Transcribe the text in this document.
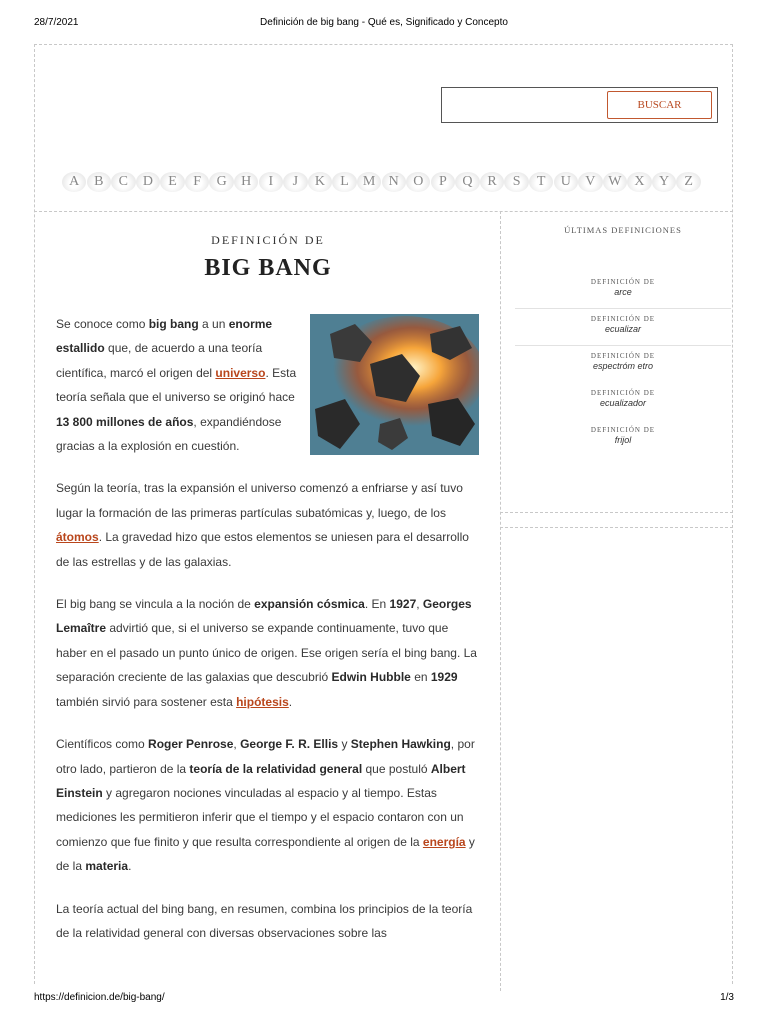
28/7/2021	Definición de big bang - Qué es, Significado y Concepto
BUSCAR
A	B	C	D	E	F	G	H	I	J	K	L	M N	O	P	Q	R	S	T	U	V W X	Y	Z
DEFINICIÓN DE
BIG BANG

Se conoce como big bang a un enorme estallido que, de acuerdo a una teoría científica, marcó el origen del universo. Esta teoría señala que el universo se originó hace 13 800 millones de años, expandiéndose gracias a la explosión en cuestión.

Según la teoría, tras la expansión el universo comenzó a enfriarse y así tuvo lugar la formación de las primeras partículas subatómicas y, luego, de los átomos. La gravedad hizo que estos elementos se uniesen para el desarrollo de las estrellas y de las galaxias.

El big bang se vincula a la noción de expansión cósmica. En 1927, Georges Lemaître advirtió que, si el universo se expande continuamente, tuvo que haber en el pasado un punto único de origen. Ese origen sería el bing bang. La separación creciente de las galaxias que descubrió Edwin Hubble en 1929 también sirvió para sostener esta hipótesis.

Científicos como Roger Penrose, George F. R. Ellis y Stephen Hawking, por otro lado, partieron de la teoría de la relatividad general que postuló Albert Einstein y agregaron nociones vinculadas al espacio y al tiempo. Estas mediciones les permitieron inferir que el tiempo y el espacio contaron con un comienzo que fue finito y que resulta correspondiente al origen de la energía y de la materia.

La teoría actual del bing bang, en resumen, combina los principios de la teoría de la relatividad general con diversas observaciones sobre las

ÚLTIMAS DEFINICIONES
DEFINICIÓN DE
arce
DEFINICIÓN DE
ecualizar
DEFINICIÓN DE
espectróm etro
DEFINICIÓN DE
ecualizador
DEFINICIÓN DE
frijol
https://definicion.de/big-bang/	1/3
